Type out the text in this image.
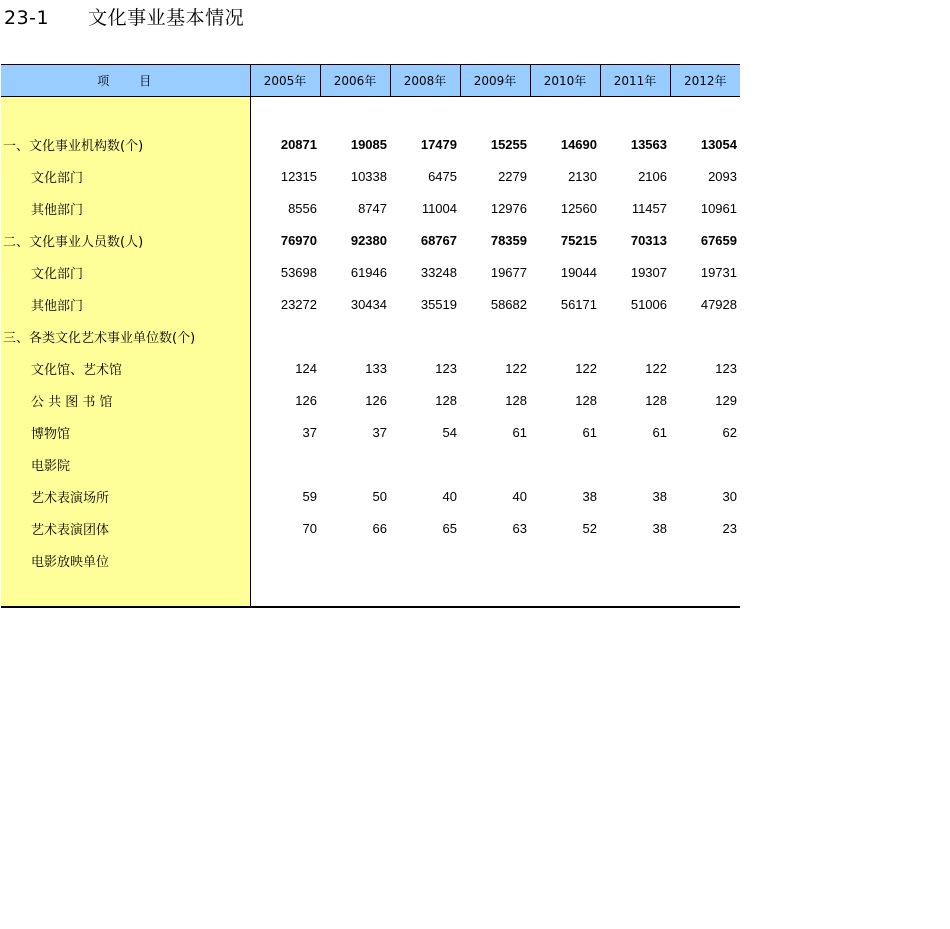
23-1　　文化事业基本情况
项　　目	2005年	2006年	2008年	2009年	2010年	2011年	2012年

一、文化事业机构数(个)	20871	19085	17479	15255	14690	13563	13054
文化部门	12315	10338	6475	2279	2130	2106	2093
其他部门	8556	8747	11004	12976	12560	11457	10961
二、文化事业人员数(人)	76970	92380	68767	78359	75215	70313	67659
文化部门	53698	61946	33248	19677	19044	19307	19731
其他部门	23272	30434	35519	58682	56171	51006	47928
三、各类文化艺术事业单位数(个)							
文化馆、艺术馆	124	133	123	122	122	122	123
公 共 图 书 馆	126	126	128	128	128	128	129
博物馆	37	37	54	61	61	61	62
电影院							
艺术表演场所	59	50	40	40	38	38	30
艺术表演团体	70	66	65	63	52	38	23
电影放映单位							
